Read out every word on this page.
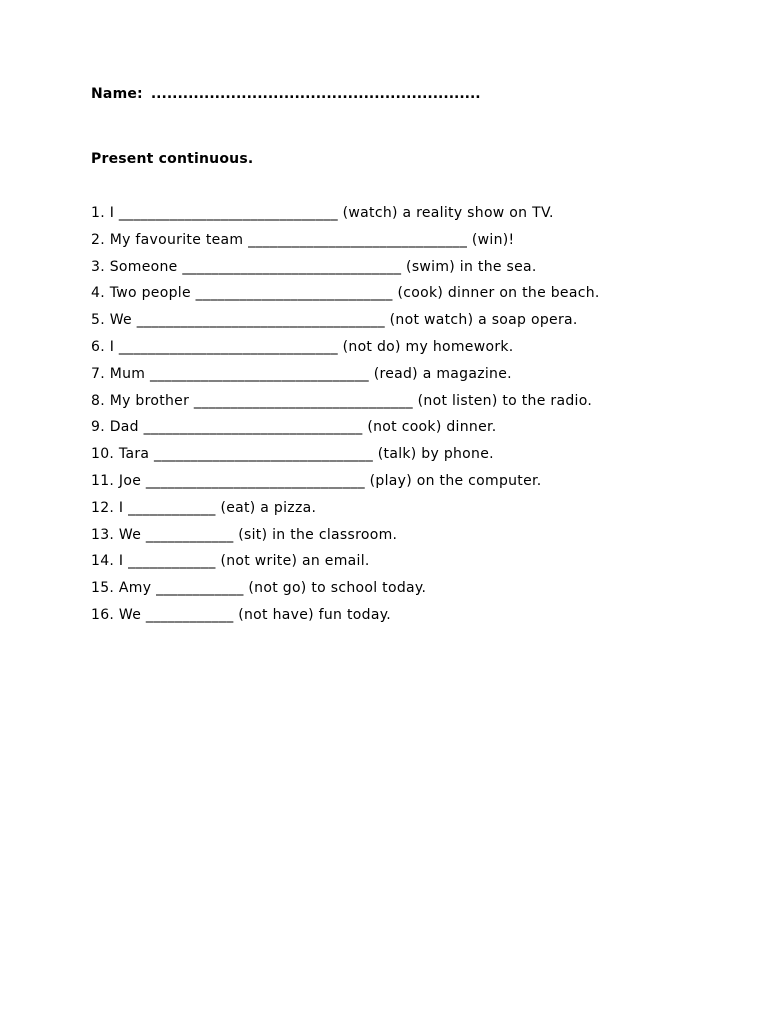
Name: ..............................................................
Present continuous.
1. I ______________________________ (watch) a reality show on TV.
2. My favourite team ______________________________ (win)!
3. Someone ______________________________ (swim) in the sea.
4. Two people ___________________________ (cook) dinner on the beach.
5. We __________________________________ (not watch) a soap opera.
6. I ______________________________ (not do) my homework.
7. Mum ______________________________ (read) a magazine.
8. My brother ______________________________ (not listen) to the radio.
9. Dad ______________________________ (not cook) dinner.
10. Tara ______________________________ (talk) by phone.
11. Joe ______________________________ (play) on the computer.
12. I ____________ (eat) a pizza.
13. We ____________ (sit) in the classroom.
14. I ____________ (not write) an email.
15. Amy ____________ (not go) to school today.
16. We ____________ (not have) fun today.
